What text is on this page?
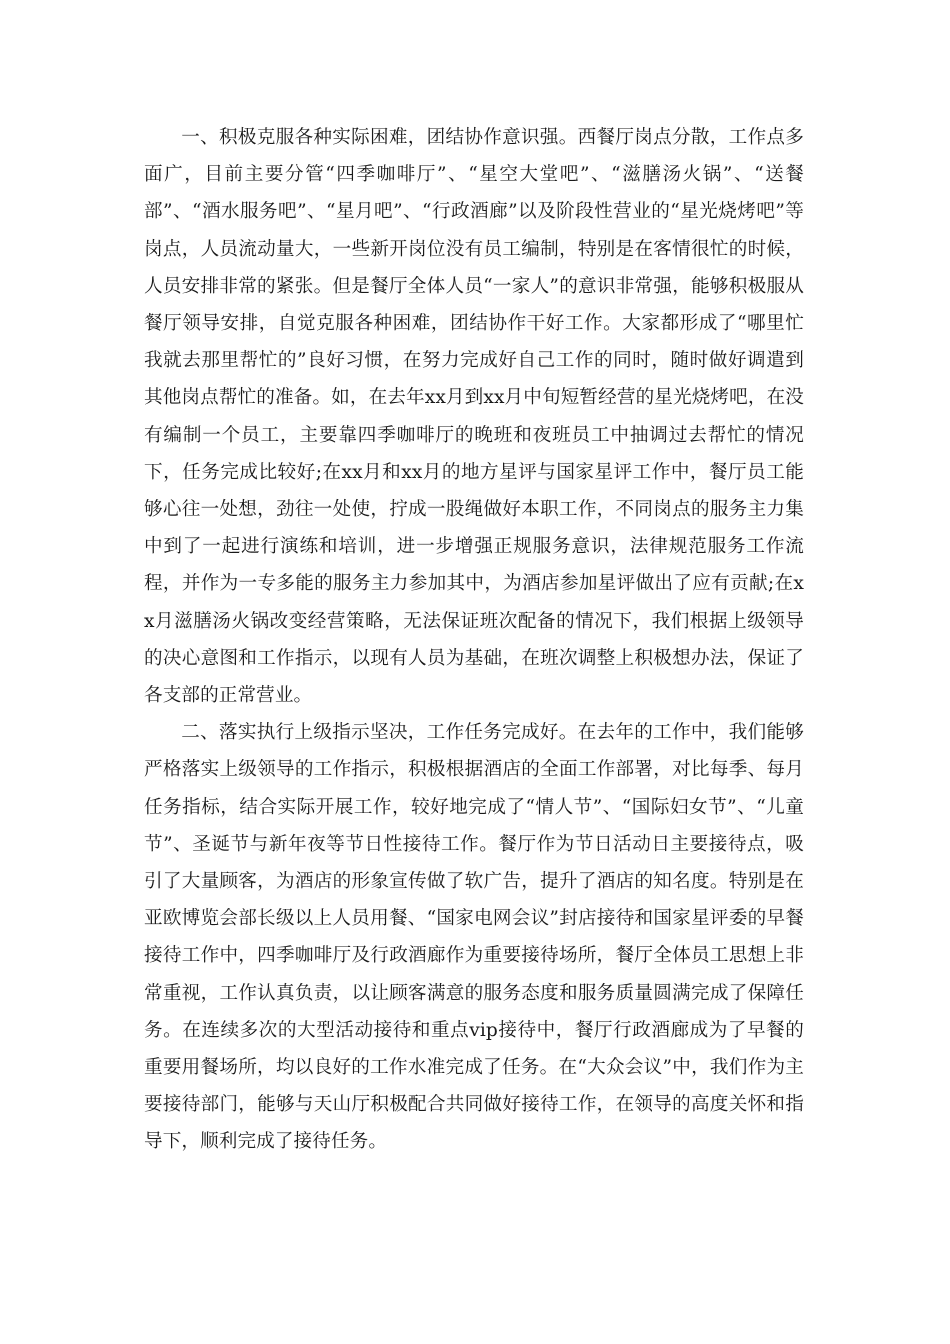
一、积极克服各种实际困难，团结协作意识强。西餐厅岗点分散，工作点多面广，目前主要分管“四季咖啡厅”、“星空大堂吧”、“滋膳汤火锅”、“送餐部”、“酒水服务吧”、“星月吧”、“行政酒廊”以及阶段性营业的“星光烧烤吧”等岗点，人员流动量大，一些新开岗位没有员工编制，特别是在客情很忙的时候，人员安排非常的紧张。但是餐厅全体人员“一家人”的意识非常强，能够积极服从餐厅领导安排，自觉克服各种困难，团结协作干好工作。大家都形成了“哪里忙我就去那里帮忙的”良好习惯，在努力完成好自己工作的同时，随时做好调遣到其他岗点帮忙的准备。如，在去年xx月到xx月中旬短暂经营的星光烧烤吧，在没有编制一个员工，主要靠四季咖啡厅的晚班和夜班员工中抽调过去帮忙的情况下，任务完成比较好;在xx月和xx月的地方星评与国家星评工作中，餐厅员工能够心往一处想，劲往一处使，拧成一股绳做好本职工作，不同岗点的服务主力集中到了一起进行演练和培训，进一步增强正规服务意识，法律规范服务工作流程，并作为一专多能的服务主力参加其中，为酒店参加星评做出了应有贡献;在xx月滋膳汤火锅改变经营策略，无法保证班次配备的情况下，我们根据上级领导的决心意图和工作指示，以现有人员为基础，在班次调整上积极想办法，保证了各支部的正常营业。

二、落实执行上级指示坚决，工作任务完成好。在去年的工作中，我们能够严格落实上级领导的工作指示，积极根据酒店的全面工作部署，对比每季、每月任务指标，结合实际开展工作，较好地完成了“情人节”、“国际妇女节”、“儿童节”、圣诞节与新年夜等节日性接待工作。餐厅作为节日活动日主要接待点，吸引了大量顾客，为酒店的形象宣传做了软广告，提升了酒店的知名度。特别是在亚欧博览会部长级以上人员用餐、“国家电网会议”封店接待和国家星评委的早餐接待工作中，四季咖啡厅及行政酒廊作为重要接待场所，餐厅全体员工思想上非常重视，工作认真负责，以让顾客满意的服务态度和服务质量圆满完成了保障任务。在连续多次的大型活动接待和重点vip接待中，餐厅行政酒廊成为了早餐的重要用餐场所，均以良好的工作水准完成了任务。在“大众会议”中，我们作为主要接待部门，能够与天山厅积极配合共同做好接待工作，在领导的高度关怀和指导下，顺利完成了接待任务。
